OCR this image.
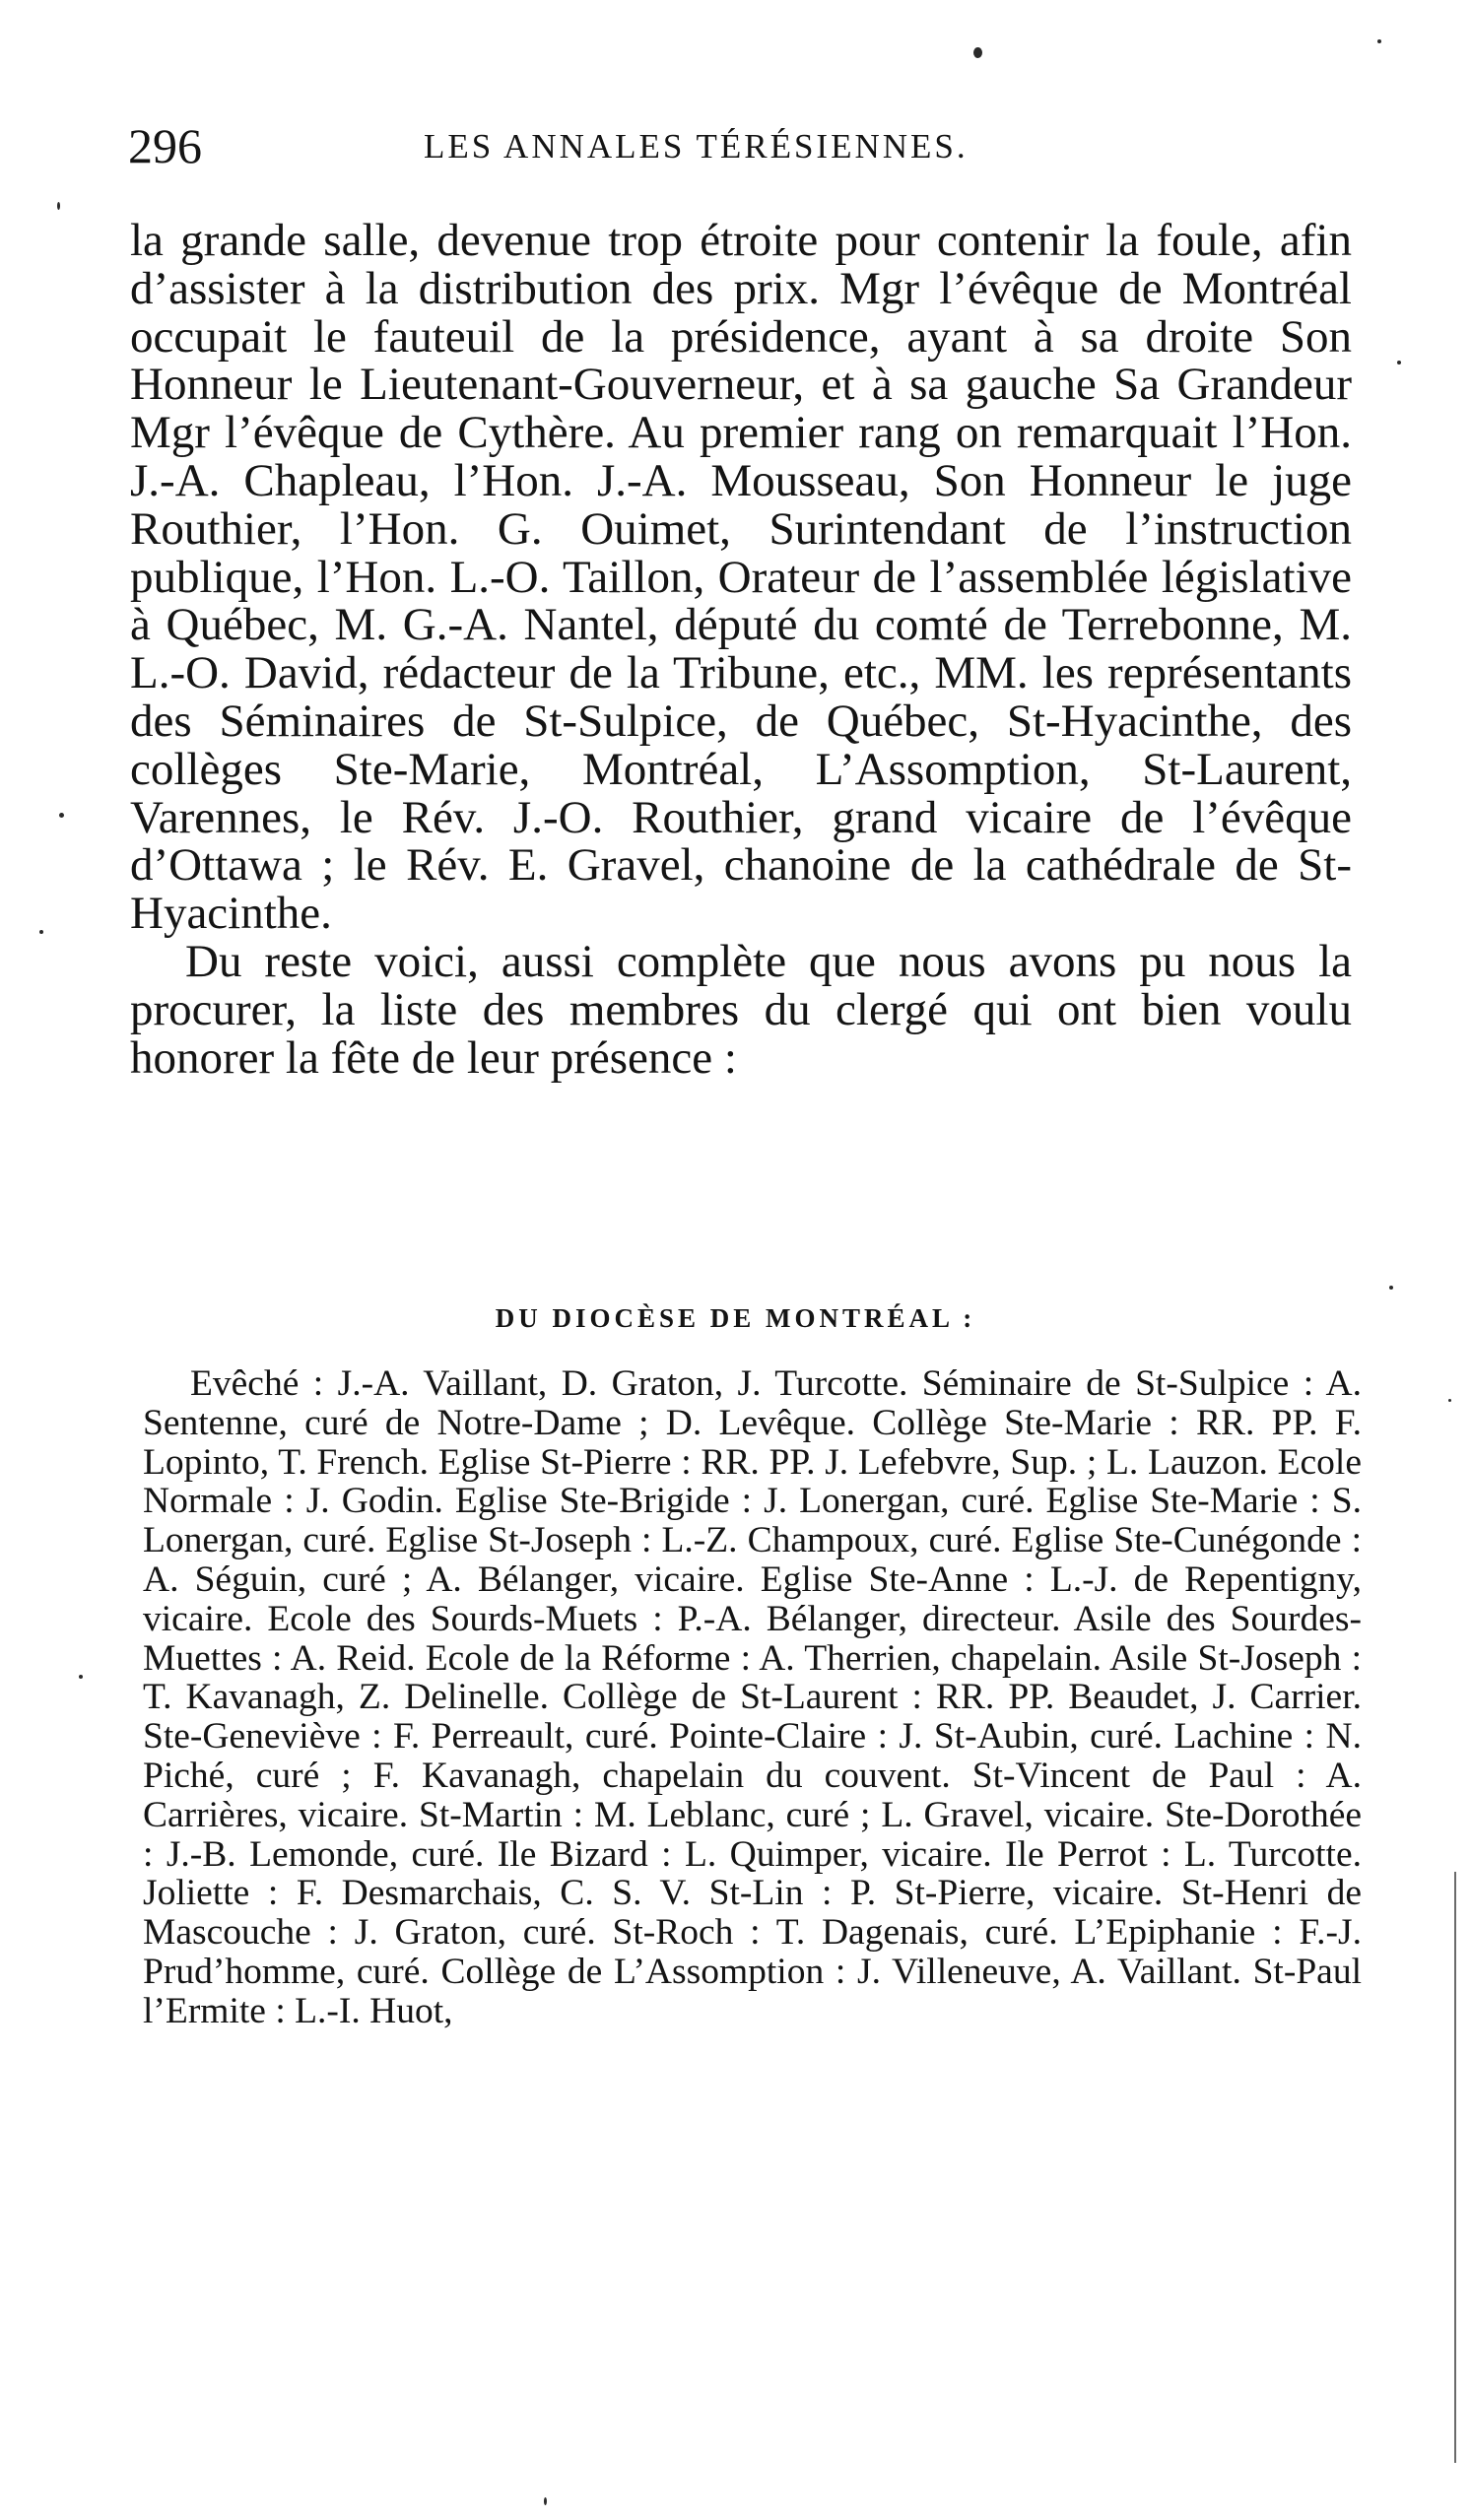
296	LES ANNALES TÉRÉSIENNES.

la grande salle, devenue trop étroite pour contenir la foule, afin d’assister à la distribution des prix. Mgr l’évêque de Montréal occupait le fauteuil de la présidence, ayant à sa droite Son Honneur le Lieutenant-Gouverneur, et à sa gauche Sa Grandeur Mgr l’évêque de Cythère. Au premier rang on remarquait l’Hon. J.-A. Chapleau, l’Hon. J.-A. Mousseau, Son Honneur le juge Routhier, l’Hon. G. Ouimet, Surintendant de l’instruction publique, l’Hon. L.-O. Taillon, Orateur de l’assemblée législative à Québec, M. G.-A. Nantel, député du comté de Terrebonne, M. L.-O. David, rédacteur de la Tribune, etc., MM. les représentants des Séminaires de St-Sulpice, de Québec, St-Hyacinthe, des collèges Ste-Marie, Montréal, L’Assomption, St-Laurent, Varennes, le Rév. J.-O. Routhier, grand vicaire de l’évêque d’Ottawa ; le Rév. E. Gravel, chanoine de la cathédrale de St-Hyacinthe.

Du reste voici, aussi complète que nous avons pu nous la procurer, la liste des membres du clergé qui ont bien voulu honorer la fête de leur présence :

DU DIOCÈSE DE MONTRÉAL :

Evêché : J.-A. Vaillant, D. Graton, J. Turcotte. Séminaire de St-Sulpice : A. Sentenne, curé de Notre-Dame ; D. Levêque. Collège Ste-Marie : RR. PP. F. Lopinto, T. French. Eglise St-Pierre : RR. PP. J. Lefebvre, Sup. ; L. Lauzon. Ecole Normale : J. Godin. Eglise Ste-Brigide : J. Lonergan, curé. Eglise Ste-Marie : S. Lonergan, curé. Eglise St-Joseph : L.-Z. Champoux, curé. Eglise Ste-Cunégonde : A. Séguin, curé ; A. Bélanger, vicaire. Eglise Ste-Anne : L.-J. de Repentigny, vicaire. Ecole des Sourds-Muets : P.-A. Bélanger, directeur. Asile des Sourdes-Muettes : A. Reid. Ecole de la Réforme : A. Therrien, chapelain. Asile St-Joseph : T. Kavanagh, Z. Delinelle. Collège de St-Laurent : RR. PP. Beaudet, J. Carrier. Ste-Geneviève : F. Perreault, curé. Pointe-Claire : J. St-Aubin, curé. Lachine : N. Piché, curé ; F. Kavanagh, chapelain du couvent. St-Vincent de Paul : A. Carrières, vicaire. St-Martin : M. Leblanc, curé ; L. Gravel, vicaire. Ste-Dorothée : J.-B. Lemonde, curé. Ile Bizard : L. Quimper, vicaire. Ile Perrot : L. Turcotte. Joliette : F. Desmarchais, C. S. V. St-Lin : P. St-Pierre, vicaire. St-Henri de Mascouche : J. Graton, curé. St-Roch : T. Dagenais, curé. L’Epiphanie : F.-J. Prud’homme, curé. Collège de L’Assomption : J. Villeneuve, A. Vaillant. St-Paul l’Ermite : L.-I. Huot,
